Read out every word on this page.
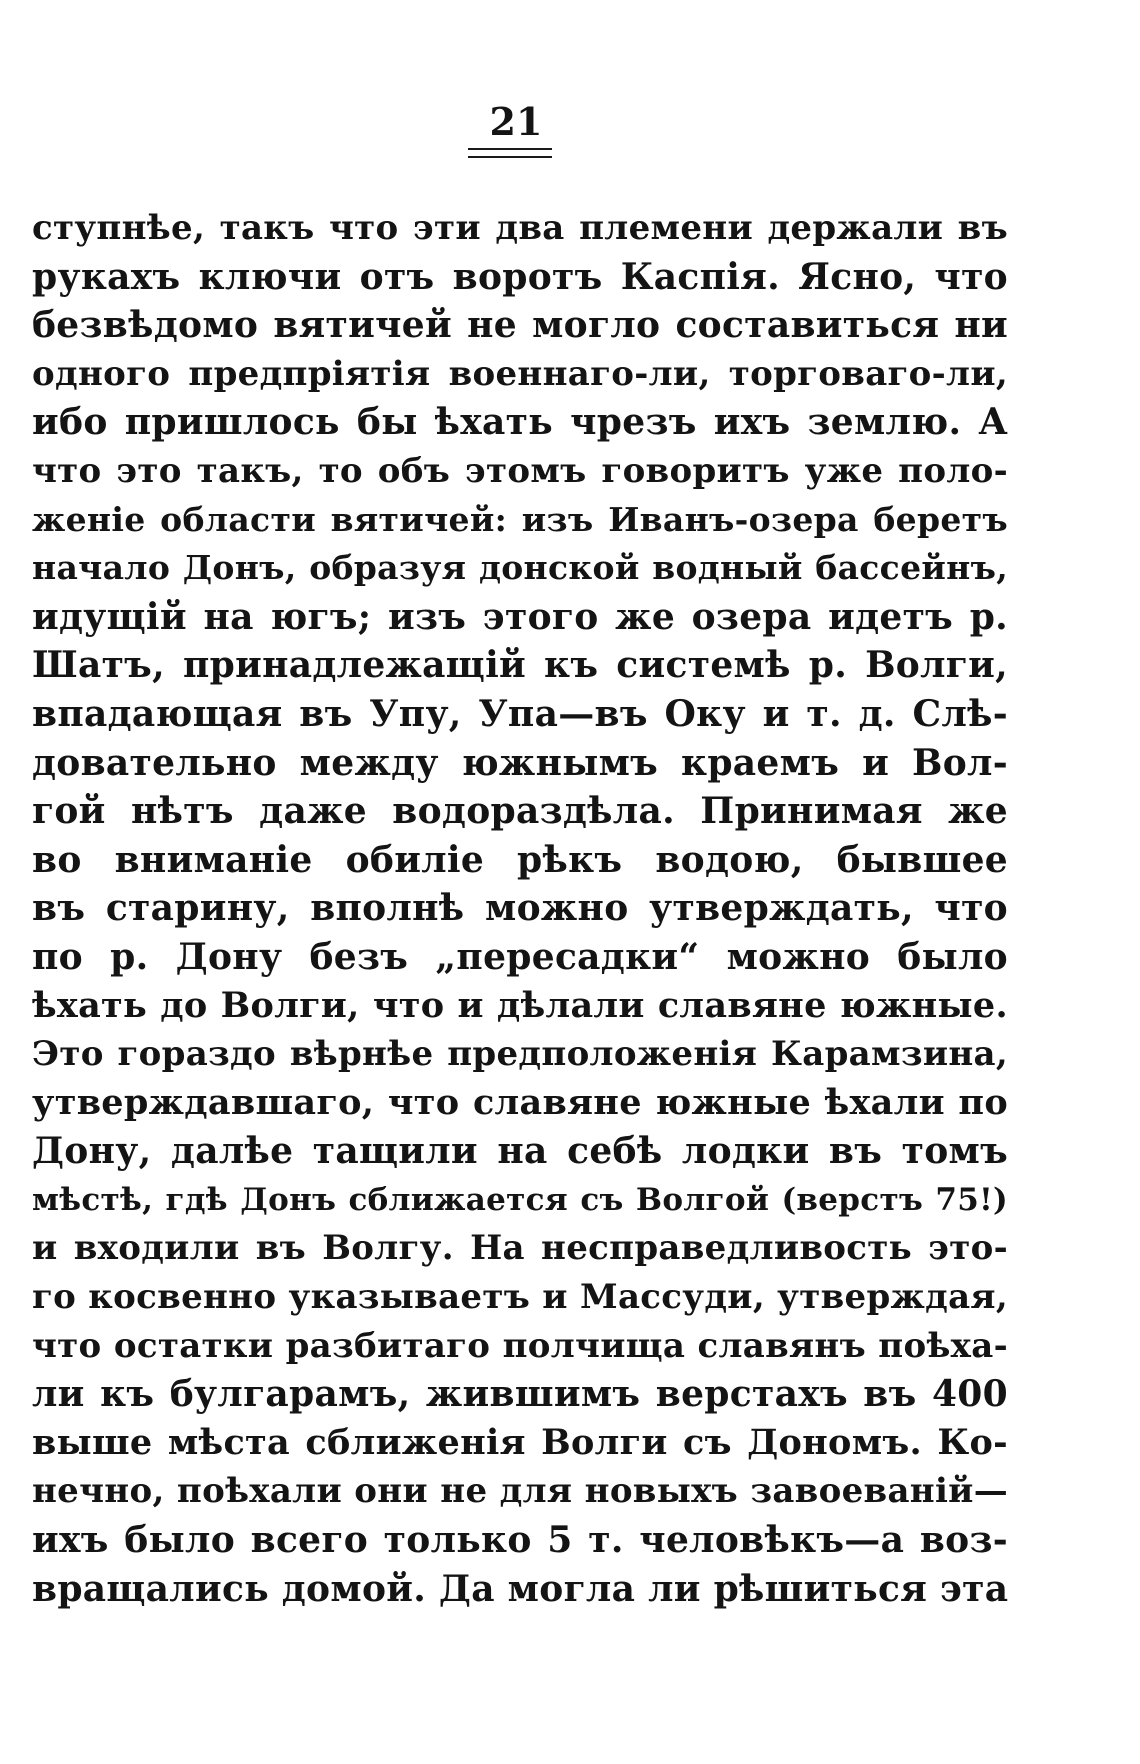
21
ступнѣе, такъ что эти два племени держали въ
рукахъ ключи отъ воротъ Каспія. Ясно, что
безвѣдомо вятичей не могло составиться ни
одного предпріятія военнаго-ли, торговаго-ли,
ибо пришлось бы ѣхать чрезъ ихъ землю. А
что это такъ, то объ этомъ говоритъ уже поло-
женіе области вятичей: изъ Иванъ-озера беретъ
начало Донъ, образуя донской водный бассейнъ,
идущій на югъ; изъ этого же озера идетъ р.
Шатъ, принадлежащій къ системѣ р. Волги,
впадающая въ Упу, Упа—въ Оку и т. д. Слѣ-
довательно между южнымъ краемъ и Вол-
гой нѣтъ даже водораздѣла. Принимая же
во вниманіе обиліе рѣкъ водою, бывшее
въ старину, вполнѣ можно утверждать, что
по р. Дону безъ „пересадки“ можно было
ѣхать до Волги, что и дѣлали славяне южные.
Это гораздо вѣрнѣе предположенія Карамзина,
утверждавшаго, что славяне южные ѣхали по
Дону, далѣе тащили на себѣ лодки въ томъ
мѣстѣ, гдѣ Донъ сближается съ Волгой (верстъ 75!)
и входили въ Волгу. На несправедливость это-
го косвенно указываетъ и Массуди, утверждая,
что остатки разбитаго полчища славянъ поѣха-
ли къ булгарамъ, жившимъ верстахъ въ 400
выше мѣста сближенія Волги съ Дономъ. Ко-
нечно, поѣхали они не для новыхъ завоеваній—
ихъ было всего только 5 т. человѣкъ—а воз-
вращались домой. Да могла ли рѣшиться эта
